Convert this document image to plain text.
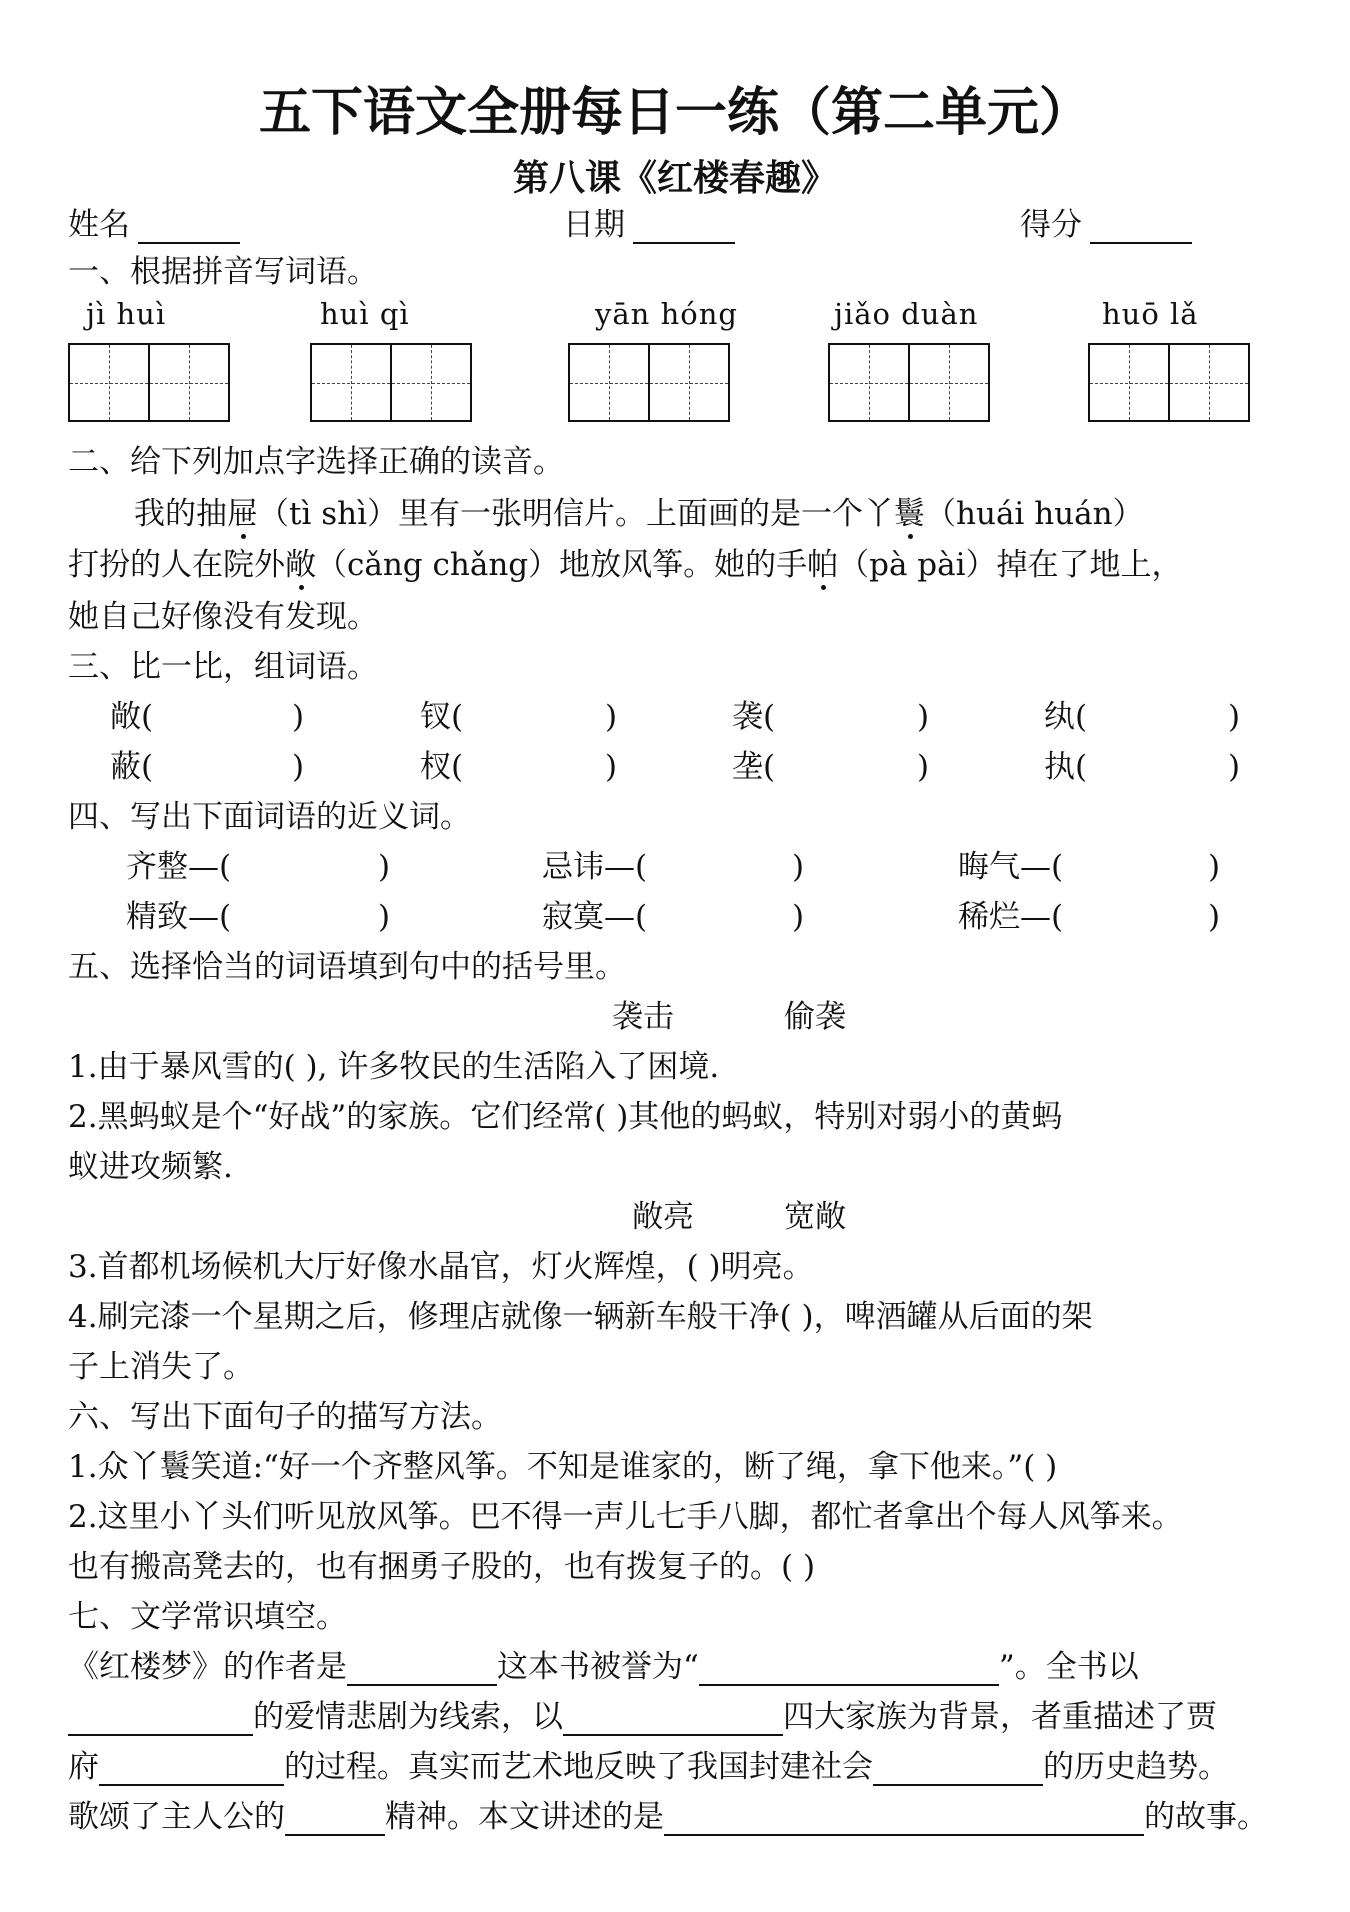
五下语文全册每日一练（第二单元）
第八课《红楼春趣》
姓名	日期	得分
一、根据拼音写词语。
jì huì	huì qì	yān hóng	jiǎo duàn	huō lǎ
二、给下列加点字选择正确的读音。
我的抽屉（tì shì）里有一张明信片。上面画的是一个丫鬟（huái huán）
打扮的人在院外敞（cǎng chǎng）地放风筝。她的手帕（pà pài）掉在了地上，
她自己好像没有发现。
三、比一比，组词语。
敞(	)	钗(	)	袭(	)	纨(	)
蔽(	)	杈(	)	垄(	)	执(	)
四、写出下面词语的近义词。
齐整—(	)	忌讳—(	)	晦气—(	)
精致—(	)	寂寞—(	)	稀烂—(	)
五、选择恰当的词语填到句中的括号里。
袭击	偷袭
1.由于暴风雪的( ), 许多牧民的生活陷入了困境.
2.黑蚂蚁是个“好战”的家族。它们经常( )其他的蚂蚁，特别对弱小的黄蚂
蚁进攻频繁.
敞亮	宽敞
3.首都机场候机大厅好像水晶官，灯火辉煌，( )明亮。
4.刷完漆一个星期之后，修理店就像一辆新车般干净( )，啤酒罐从后面的架
子上消失了。
六、写出下面句子的描写方法。
1.众丫鬟笑道:“好一个齐整风筝。不知是谁家的，断了绳，拿下他来。”( )
2.这里小丫头们听见放风筝。巴不得一声儿七手八脚，都忙者拿出个每人风筝来。
也有搬高凳去的，也有捆勇子股的，也有拨复子的。( )
七、文学常识填空。
《红楼梦》的作者是	这本书被誉为“	”。全书以
的爱情悲剧为线索，以	四大家族为背景，者重描述了贾
府	的过程。真实而艺术地反映了我国封建社会	的历史趋势。
歌颂了主人公的	精神。本文讲述的是	的故事。
